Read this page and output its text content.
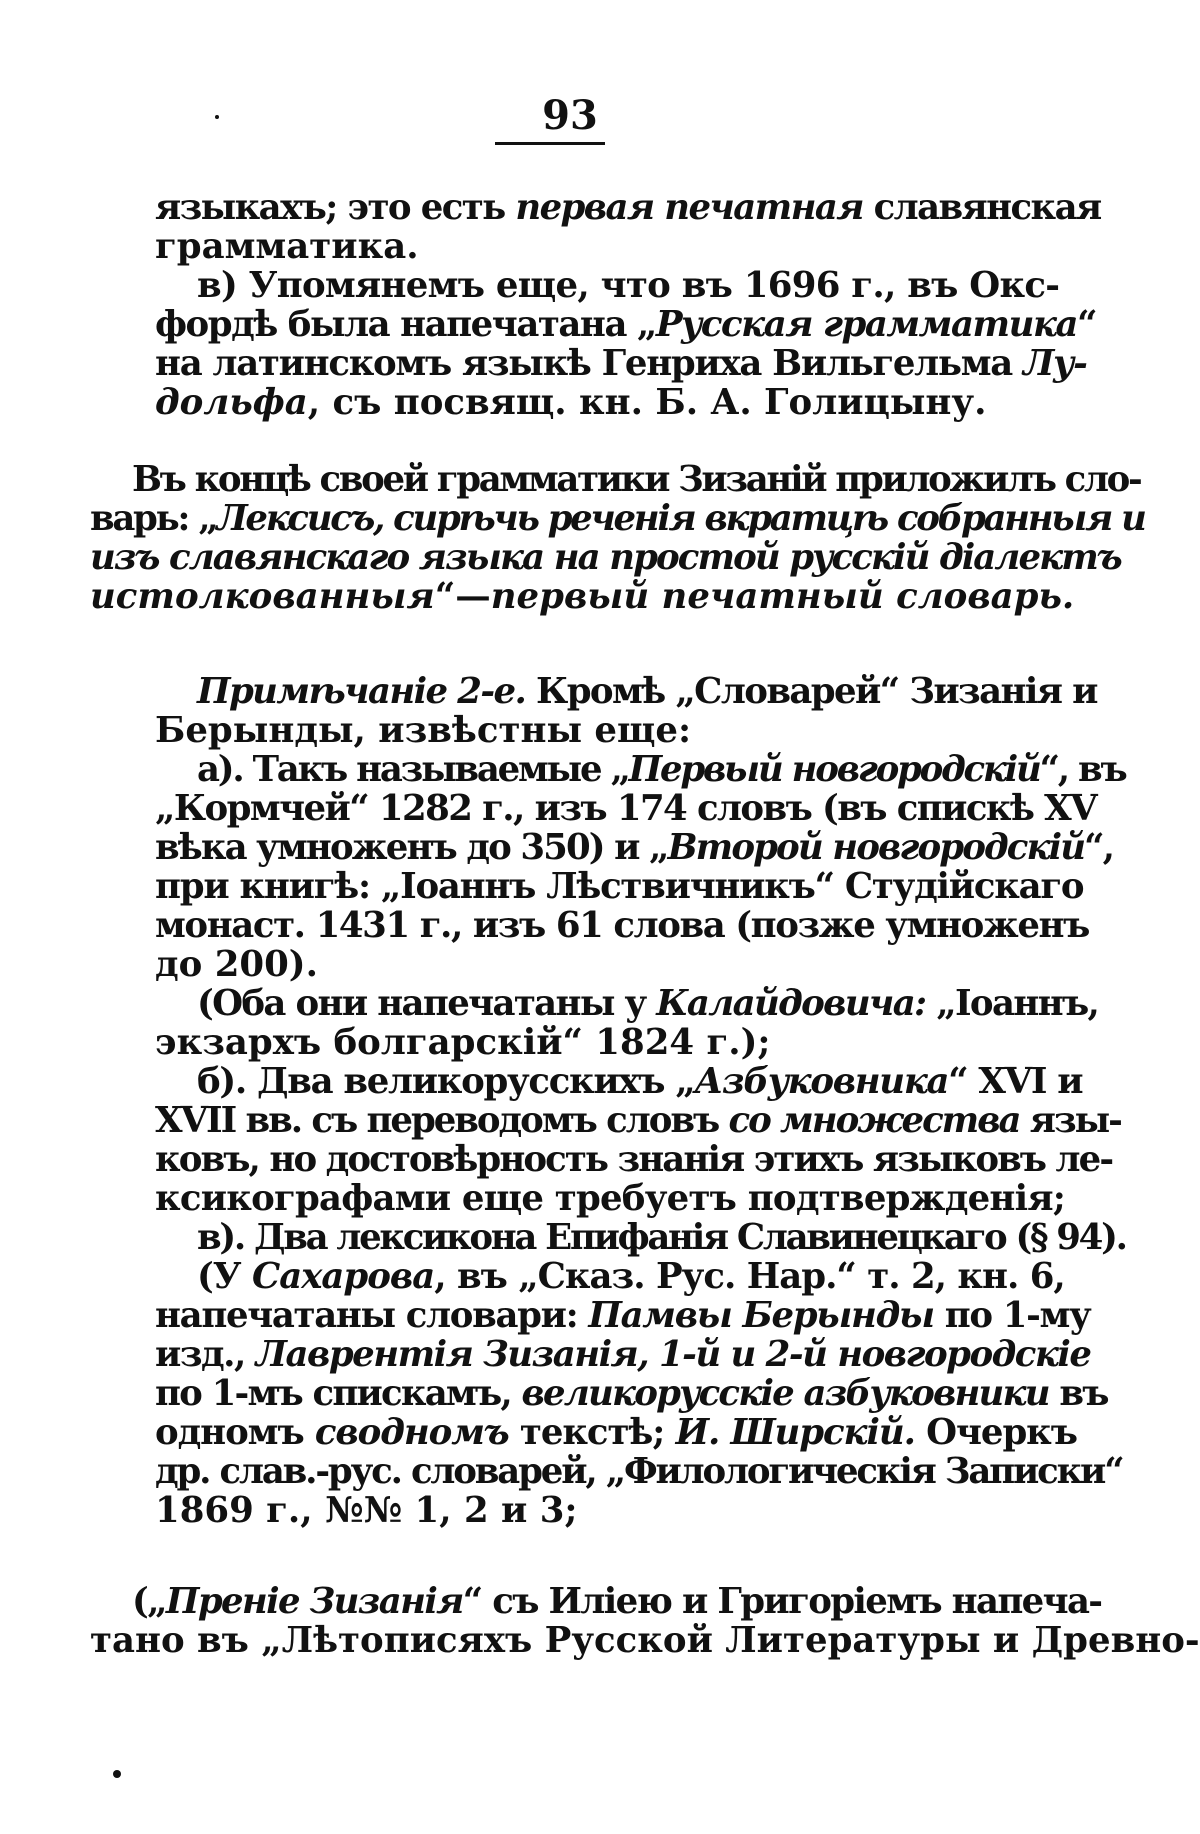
93
языкахъ; это есть первая печатная славянская
грамматика.
в) Упомянемъ еще, что въ 1696 г., въ Окс-
фордѣ была напечатана „Русская грамматика“
на латинскомъ языкѣ Генриха Вильгельма Лу-
дольфа, съ посвящ. кн. Б. А. Голицыну.
Въ концѣ своей грамматики Зизаній приложилъ сло-
варь: „Лексисъ, сирѣчь реченія вкратцѣ собранныя и
изъ славянскаго языка на простой русскій діалектъ
истолкованныя“—первый печатный словарь.
Примѣчаніе 2-е. Кромѣ „Словарей“ Зизанія и
Берынды, извѣстны еще:
а). Такъ называемые „Первый новгородскій“, въ
„Кормчей“ 1282 г., изъ 174 словъ (въ спискѣ XV
вѣка умноженъ до 350) и „Второй новгородскій“,
при книгѣ: „Іоаннъ Лѣствичникъ“ Студійскаго
монаст. 1431 г., изъ 61 слова (позже умноженъ
до 200).
(Оба они напечатаны у Калайдовича: „Іоаннъ,
экзархъ болгарскій“ 1824 г.);
б). Два великорусскихъ „Азбуковника“ XVI и
XVII вв. съ переводомъ словъ со множества язы-
ковъ, но достовѣрность знанія этихъ языковъ ле-
ксикографами еще требуетъ подтвержденія;
в). Два лексикона Епифанія Славинецкаго (§ 94).
(У Сахарова, въ „Сказ. Рус. Нар.“ т. 2, кн. 6,
напечатаны словари: Памвы Берынды по 1-му
изд., Лаврентія Зизанія, 1-й и 2-й новгородскіе
по 1-мъ спискамъ, великорусскіе азбуковники въ
одномъ сводномъ текстѣ; И. Ширскій. Очеркъ
др. слав.-рус. словарей, „Филологическія Записки“
1869 г., №№ 1, 2 и 3;
(„Преніе Зизанія“ съ Иліею и Григоріемъ напеча-
тано въ „Лѣтописяхъ Русской Литературы и Древно-
